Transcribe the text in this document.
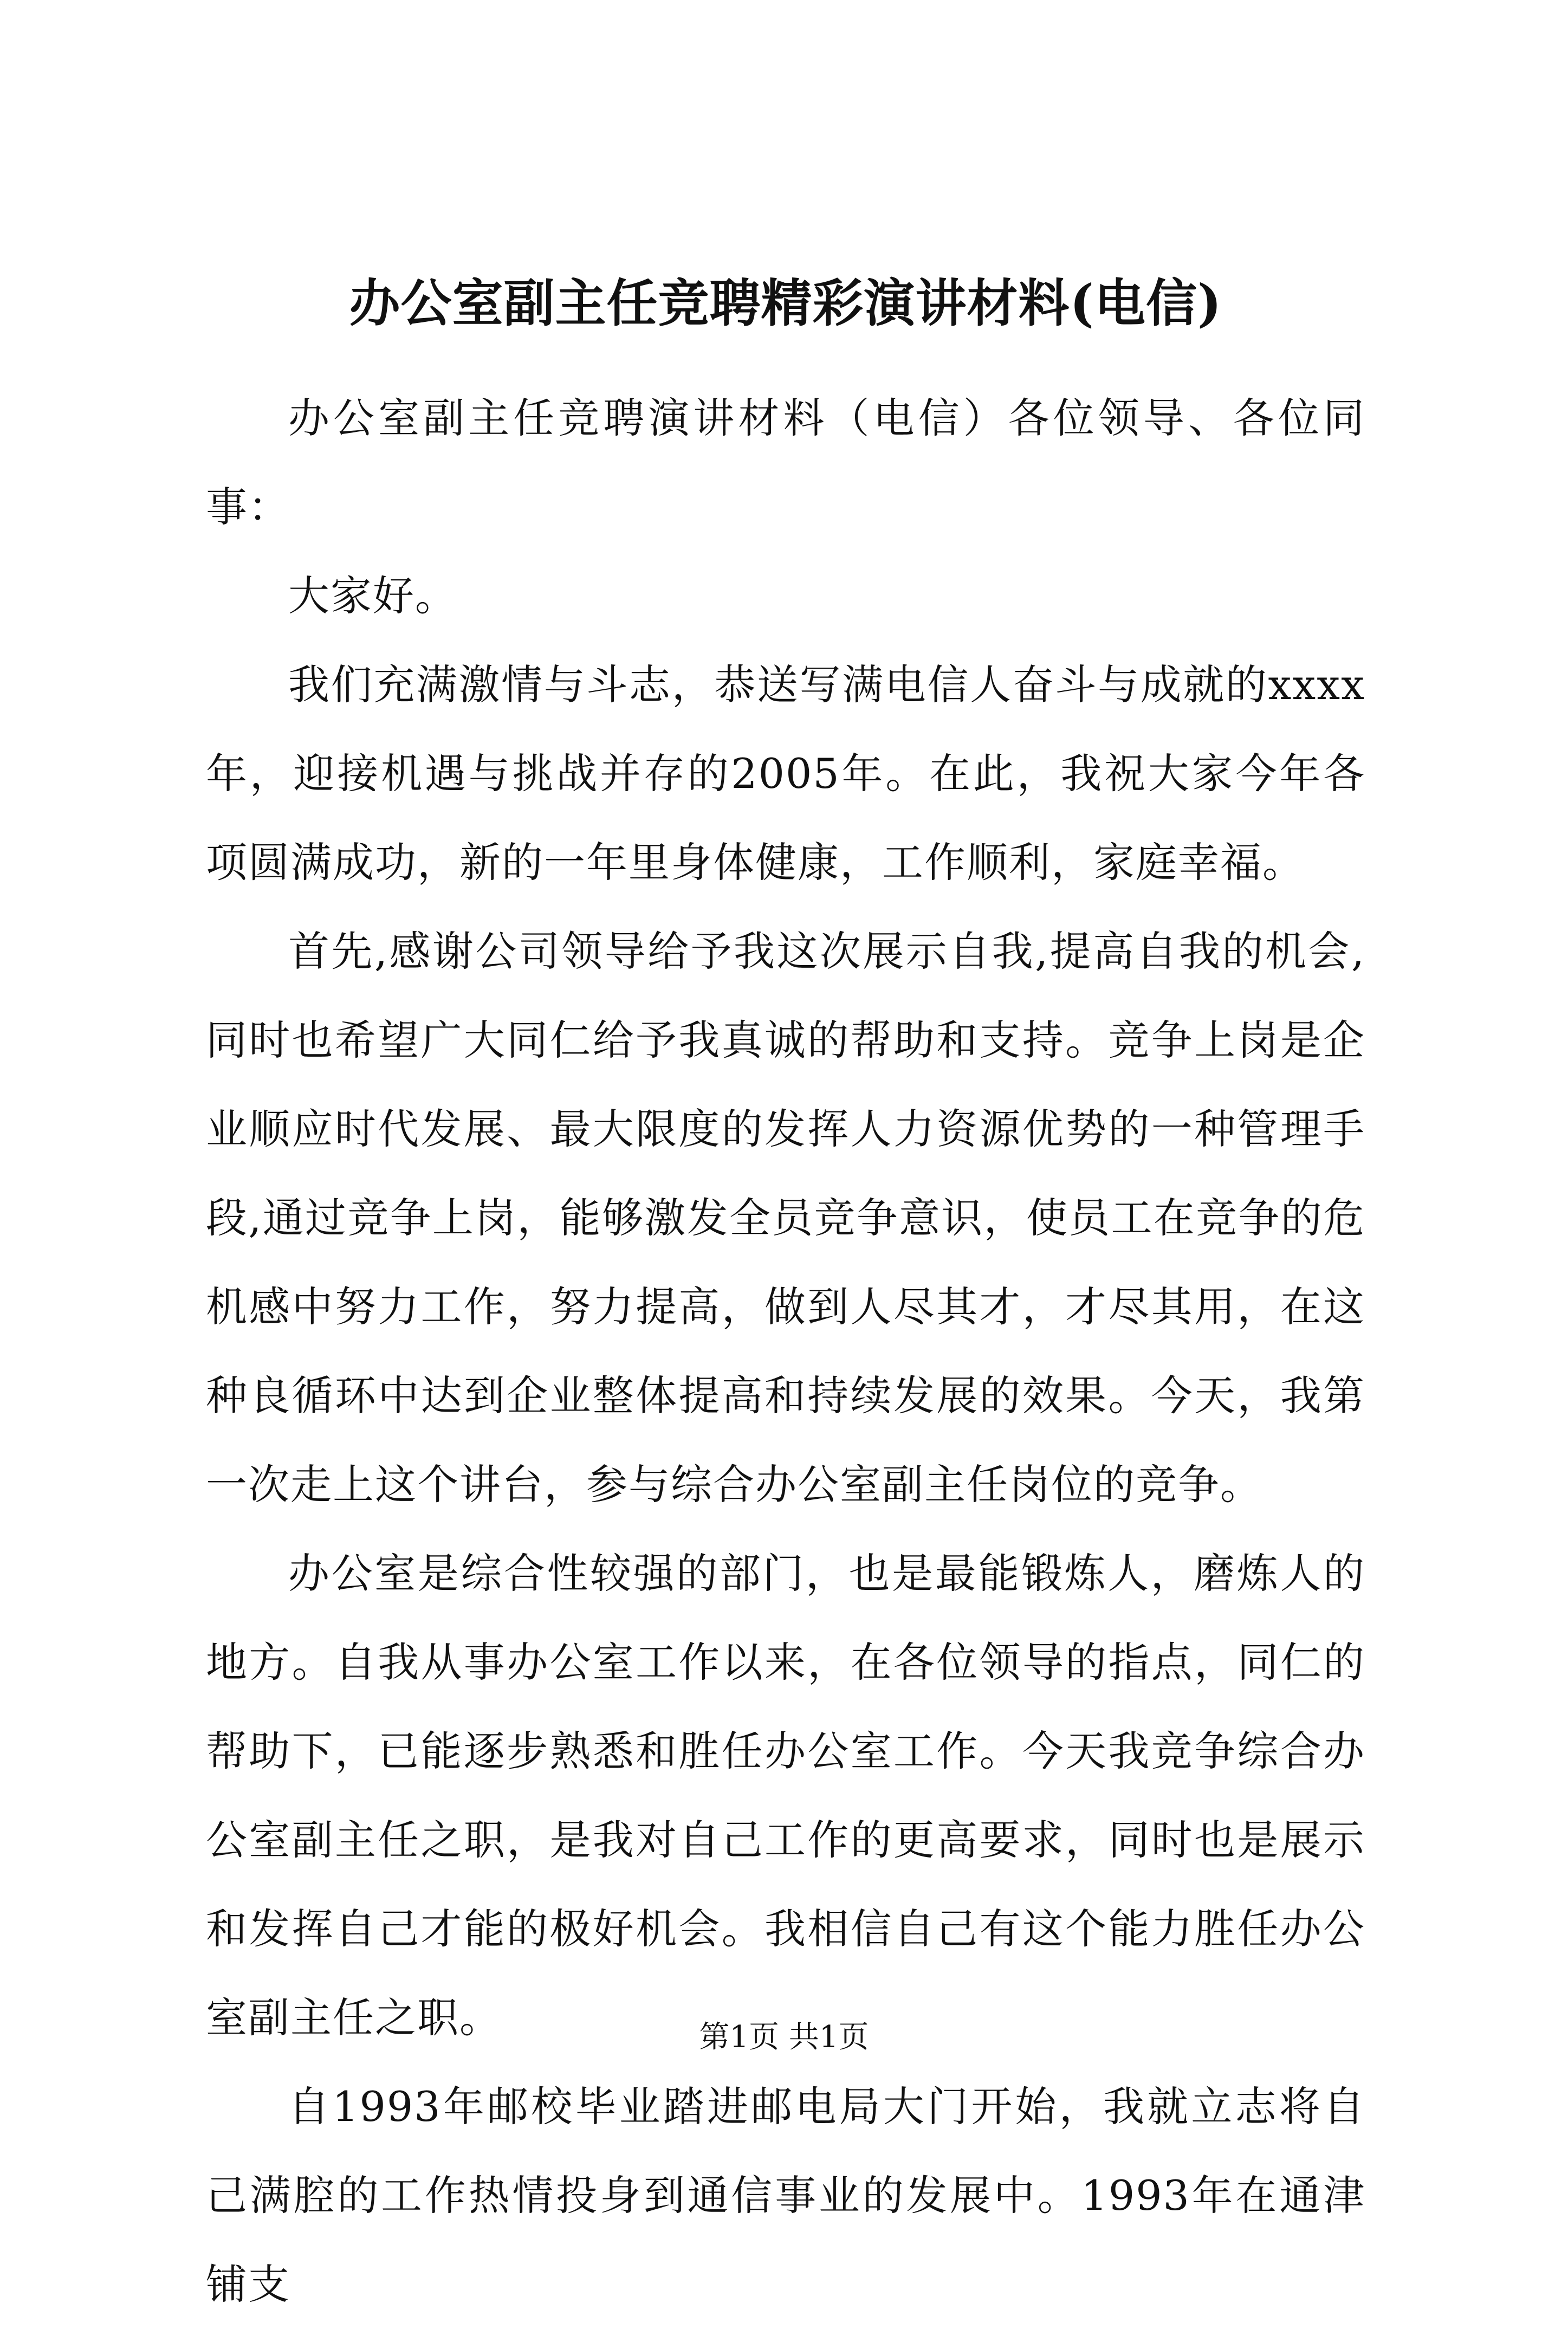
办公室副主任竞聘精彩演讲材料(电信)

办公室副主任竞聘演讲材料（电信）各位领导、各位同事：

大家好。

我们充满激情与斗志，恭送写满电信人奋斗与成就的xxxx年，迎接机遇与挑战并存的2005年。在此，我祝大家今年各项圆满成功，新的一年里身体健康，工作顺利，家庭幸福。

首先,感谢公司领导给予我这次展示自我,提高自我的机会,同时也希望广大同仁给予我真诚的帮助和支持。竞争上岗是企业顺应时代发展、最大限度的发挥人力资源优势的一种管理手段,通过竞争上岗，能够激发全员竞争意识，使员工在竞争的危机感中努力工作，努力提高，做到人尽其才，才尽其用，在这种良循环中达到企业整体提高和持续发展的效果。今天，我第一次走上这个讲台，参与综合办公室副主任岗位的竞争。

办公室是综合性较强的部门，也是最能锻炼人，磨炼人的地方。自我从事办公室工作以来，在各位领导的指点，同仁的帮助下，已能逐步熟悉和胜任办公室工作。今天我竞争综合办公室副主任之职，是我对自己工作的更高要求，同时也是展示和发挥自己才能的极好机会。我相信自己有这个能力胜任办公室副主任之职。

自1993年邮校毕业踏进邮电局大门开始，我就立志将自己满腔的工作热情投身到通信事业的发展中。1993年在通津铺支

第1页 共1页
